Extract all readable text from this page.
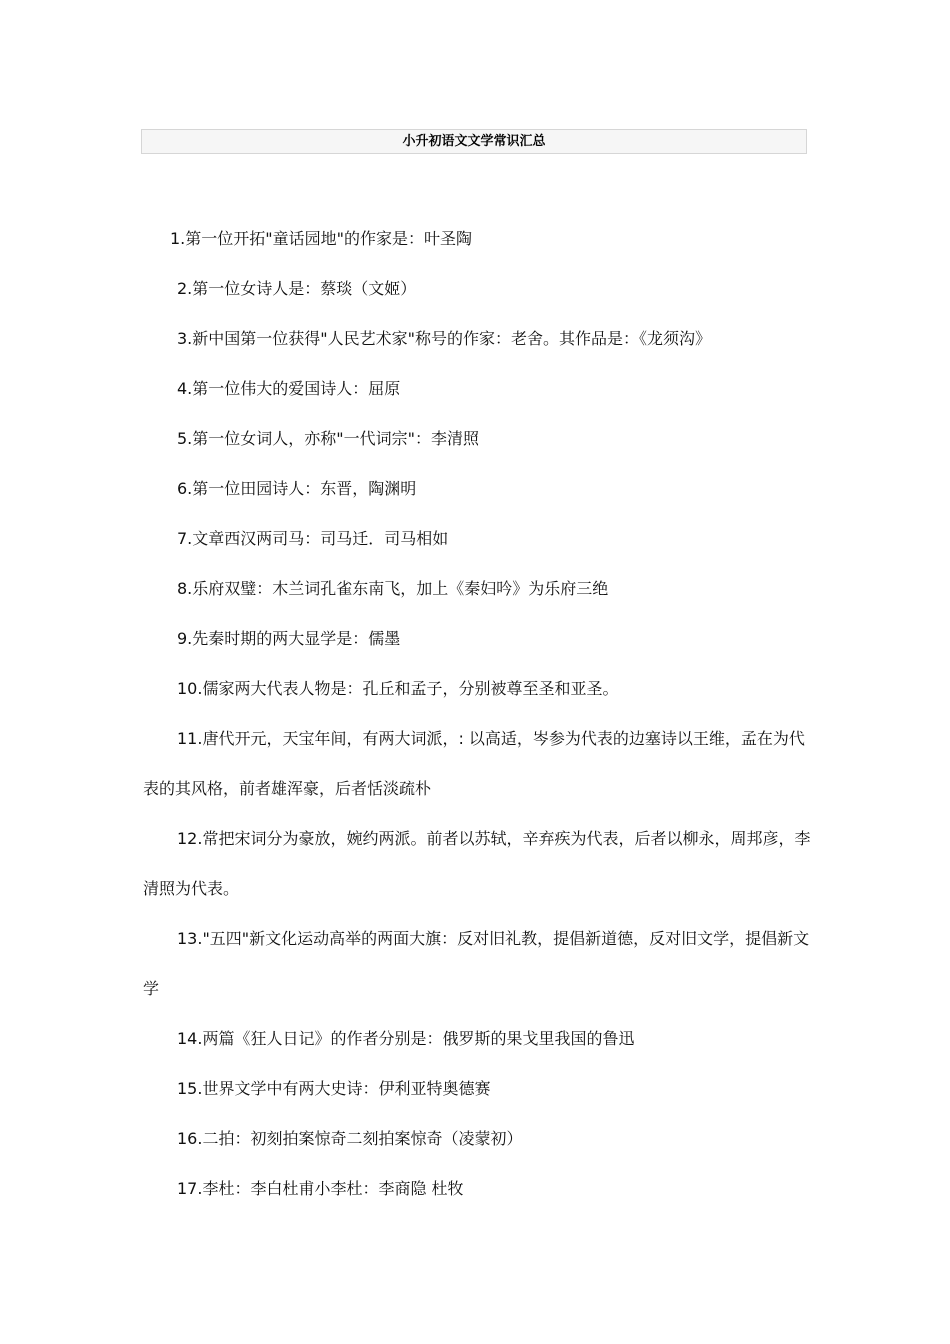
小升初语文文学常识汇总

1.第一位开拓"童话园地"的作家是：叶圣陶

2.第一位女诗人是：蔡琰（文姬）

3.新中国第一位获得"人民艺术家"称号的作家：老舍。其作品是：《龙须沟》

4.第一位伟大的爱国诗人：屈原

5.第一位女词人，亦称"一代词宗"：李清照

6.第一位田园诗人：东晋，陶渊明

7.文章西汉两司马：司马迁．司马相如

8.乐府双璧：木兰词孔雀东南飞，加上《秦妇吟》为乐府三绝

9.先秦时期的两大显学是：儒墨

10.儒家两大代表人物是：孔丘和孟子，分别被尊至圣和亚圣。

11.唐代开元，天宝年间，有两大词派，: 以高适，岑参为代表的边塞诗以王维，孟在为代表的其风格，前者雄浑豪，后者恬淡疏朴

12.常把宋词分为豪放，婉约两派。前者以苏轼，辛弃疾为代表，后者以柳永，周邦彦，李清照为代表。

13."五四"新文化运动高举的两面大旗：反对旧礼教，提倡新道德，反对旧文学，提倡新文学

14.两篇《狂人日记》的作者分别是：俄罗斯的果戈里我国的鲁迅

15.世界文学中有两大史诗：伊利亚特奥德赛

16.二拍：初刻拍案惊奇二刻拍案惊奇（凌蒙初）

17.李杜：李白杜甫小李杜：李商隐 杜牧
